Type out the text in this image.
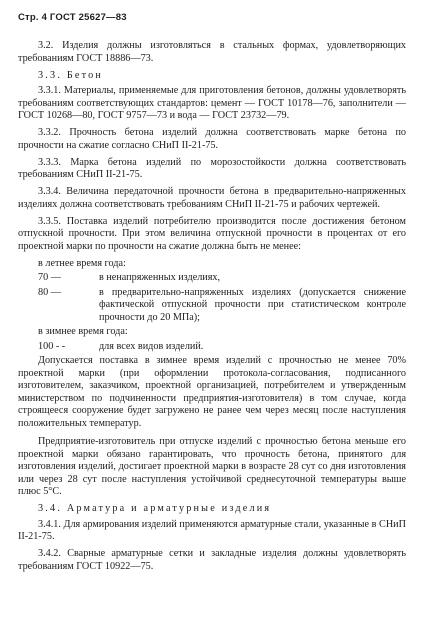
Стр. 4 ГОСТ 25627—83

3.2. Изделия должны изготовляться в стальных формах, удовлетворяющих требованиям ГОСТ 18886—73.

3.3. Бетон

3.3.1. Материалы, применяемые для приготовления бетонов, должны удовлетворять требованиям соответствующих стандартов: цемент — ГОСТ 10178—76, заполнители — ГОСТ 10268—80, ГОСТ 9757—73 и вода — ГОСТ 23732—79.

3.3.2. Прочность бетона изделий должна соответствовать марке бетона по прочности на сжатие согласно СНиП II-21-75.

3.3.3. Марка бетона изделий по морозостойкости должна соответствовать требованиям СНиП II-21-75.

3.3.4. Величина передаточной прочности бетона в предварительно-напряженных изделиях должна соответствовать требованиям СНиП II-21-75 и рабочих чертежей.

3.3.5. Поставка изделий потребителю производится после достижения бетоном отпускной прочности. При этом величина отпускной прочности в процентах от его проектной марки по прочности на сжатие должна быть не менее:

в летнее время года:

70 —	в ненапряженных изделиях,

80 —	в предварительно-напряженных изделиях (допускается снижение фактической отпускной прочности при статистическом контроле прочности до 20 МПа);

в зимнее время года:

100 - -	для всех видов изделий.

Допускается поставка в зимнее время изделий с прочностью не менее 70% проектной марки (при оформлении протокола-согласования, подписанного изготовителем, заказчиком, проектной организацией, потребителем и утвержденным министерством по подчиненности предприятия-изготовителя) в том случае, когда строящееся сооружение будет загружено не ранее чем через месяц после наступления положительных температур.

Предприятие-изготовитель при отпуске изделий с прочностью бетона меньше его проектной марки обязано гарантировать, что прочность бетона, принятого для изготовления изделий, достигает проектной марки в возрасте 28 сут со дня изготовления или через 28 сут после наступления устойчивой среднесуточной температуры выше плюс 5°С.

3.4. Арматура и арматурные изделия

3.4.1. Для армирования изделий применяются арматурные стали, указанные в СНиП II-21-75.

3.4.2. Сварные арматурные сетки и закладные изделия должны удовлетворять требованиям ГОСТ 10922—75.
